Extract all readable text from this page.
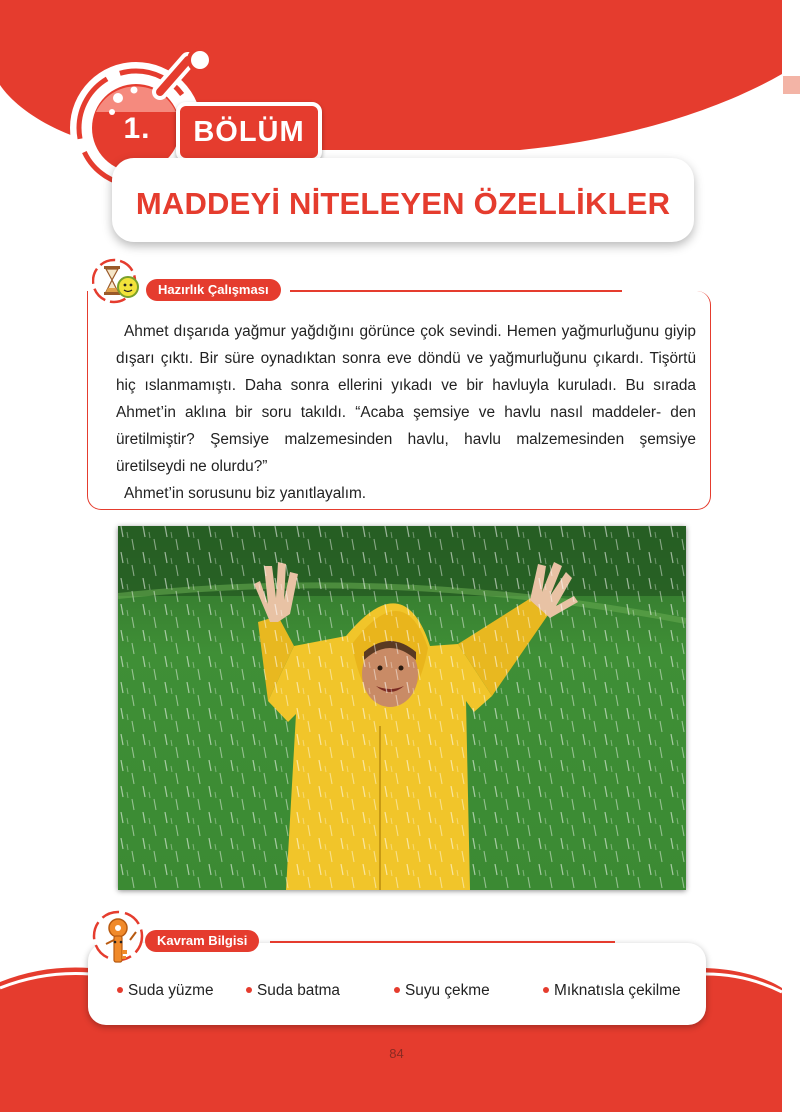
1.	BÖLÜM
MADDEYİ NİTELEYEN ÖZELLİKLER
Hazırlık Çalışması
Ahmet dışarıda yağmur yağdığını görünce çok sevindi. Hemen yağmurluğunu giyip dışarı çıktı. Bir süre oynadıktan sonra eve döndü ve yağmurluğunu çıkardı. Tişörtü hiç ıslanmamıştı. Daha sonra ellerini yıkadı ve bir havluyla kuruladı. Bu sırada Ahmet’in aklına bir soru takıldı. “Acaba şemsiye ve havlu nasıl maddeler- den üretilmiştir? Şemsiye malzemesinden havlu, havlu malzemesinden şemsiye üretilseydi ne olurdu?”
Ahmet’in sorusunu biz yanıtlayalım.
Kavram Bilgisi
Suda yüzme	Suda batma	Suyu çekme	Mıknatısla çekilme
84
